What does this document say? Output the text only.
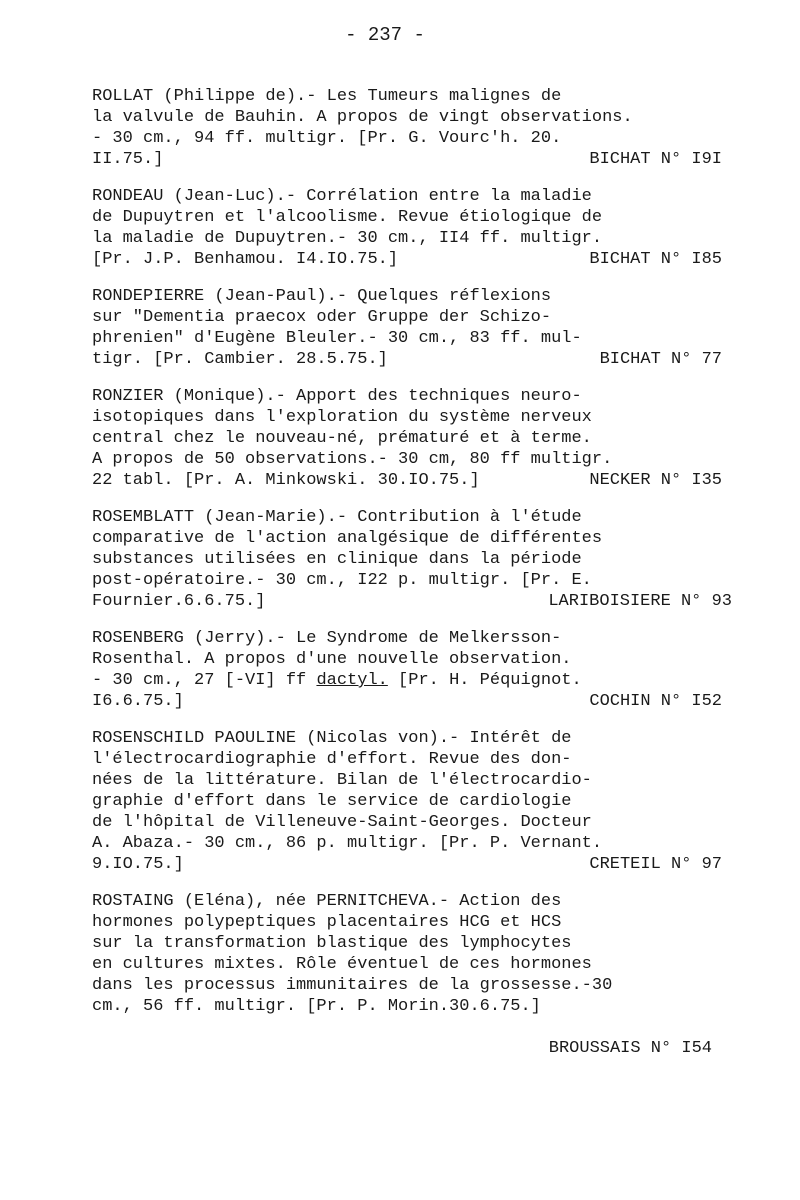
- 237 -
ROLLAT (Philippe de).- Les Tumeurs malignes de
la valvule de Bauhin. A propos de vingt observations.
- 30 cm., 94 ff. multigr. [Pr. G. Vourc'h. 20.
II.75.]	BICHAT N° I9I
RONDEAU (Jean-Luc).- Corrélation entre la maladie
de Dupuytren et l'alcoolisme. Revue étiologique de
la maladie de Dupuytren.- 30 cm., II4 ff. multigr.
[Pr. J.P. Benhamou. I4.IO.75.]	BICHAT N° I85
RONDEPIERRE (Jean-Paul).- Quelques réflexions
sur "Dementia praecox oder Gruppe der Schizo-
phrenien" d'Eugène Bleuler.- 30 cm., 83 ff. mul-
tigr. [Pr. Cambier. 28.5.75.]	BICHAT N° 77
RONZIER (Monique).- Apport des techniques neuro-
isotopiques dans l'exploration du système nerveux
central chez le nouveau-né, prématuré et à terme.
A propos de 50 observations.- 30 cm, 80 ff multigr.
22 tabl. [Pr. A. Minkowski. 30.IO.75.]	NECKER N° I35
ROSEMBLATT (Jean-Marie).- Contribution à l'étude
comparative de l'action analgésique de différentes
substances utilisées en clinique dans la période
post-opératoire.- 30 cm., I22 p. multigr. [Pr. E.
Fournier.6.6.75.]	LARIBOISIERE N° 93
ROSENBERG (Jerry).- Le Syndrome de Melkersson-
Rosenthal. A propos d'une nouvelle observation.
- 30 cm., 27 [-VI] ff dactyl. [Pr. H. Péquignot.
I6.6.75.]	COCHIN N° I52
ROSENSCHILD PAOULINE (Nicolas von).- Intérêt de
l'électrocardiographie d'effort. Revue des don-
nées de la littérature. Bilan de l'électrocardio-
graphie d'effort dans le service de cardiologie
de l'hôpital de Villeneuve-Saint-Georges. Docteur
A. Abaza.- 30 cm., 86 p. multigr. [Pr. P. Vernant.
9.IO.75.]	CRETEIL N° 97
ROSTAING (Eléna), née PERNITCHEVA.- Action des
hormones polypeptiques placentaires HCG et HCS
sur la transformation blastique des lymphocytes
en cultures mixtes. Rôle éventuel de ces hormones
dans les processus immunitaires de la grossesse.-30
cm., 56 ff. multigr. [Pr. P. Morin.30.6.75.]

BROUSSAIS N° I54
